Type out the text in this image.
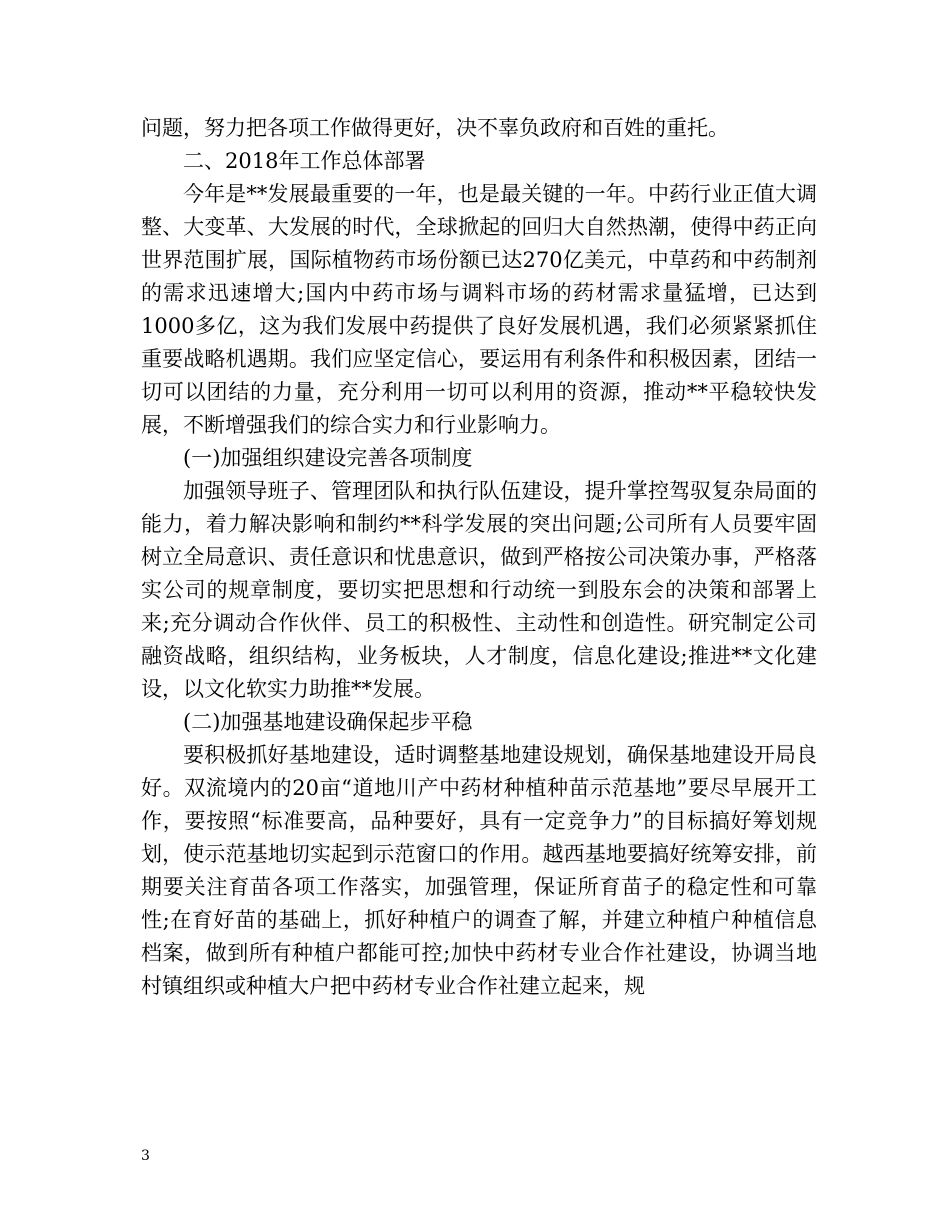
问题，努力把各项工作做得更好，决不辜负政府和百姓的重托。

二、2018年工作总体部署

今年是**发展最重要的一年，也是最关键的一年。中药行业正值大调整、大变革、大发展的时代，全球掀起的回归大自然热潮，使得中药正向世界范围扩展，国际植物药市场份额已达270亿美元，中草药和中药制剂的需求迅速增大;国内中药市场与调料市场的药材需求量猛增，已达到1000多亿，这为我们发展中药提供了良好发展机遇，我们必须紧紧抓住重要战略机遇期。我们应坚定信心，要运用有利条件和积极因素，团结一切可以团结的力量，充分利用一切可以利用的资源，推动**平稳较快发展，不断增强我们的综合实力和行业影响力。

(一)加强组织建设完善各项制度

加强领导班子、管理团队和执行队伍建设，提升掌控驾驭复杂局面的能力，着力解决影响和制约**科学发展的突出问题;公司所有人员要牢固树立全局意识、责任意识和忧患意识，做到严格按公司决策办事，严格落实公司的规章制度，要切实把思想和行动统一到股东会的决策和部署上来;充分调动合作伙伴、员工的积极性、主动性和创造性。研究制定公司融资战略，组织结构，业务板块，人才制度，信息化建设;推进**文化建设，以文化软实力助推**发展。

(二)加强基地建设确保起步平稳

要积极抓好基地建设，适时调整基地建设规划，确保基地建设开局良好。双流境内的20亩“道地川产中药材种植种苗示范基地”要尽早展开工作，要按照“标准要高，品种要好，具有一定竞争力”的目标搞好筹划规划，使示范基地切实起到示范窗口的作用。越西基地要搞好统筹安排，前期要关注育苗各项工作落实，加强管理，保证所育苗子的稳定性和可靠性;在育好苗的基础上，抓好种植户的调查了解，并建立种植户种植信息档案，做到所有种植户都能可控;加快中药材专业合作社建设，协调当地村镇组织或种植大户把中药材专业合作社建立起来，规

3
